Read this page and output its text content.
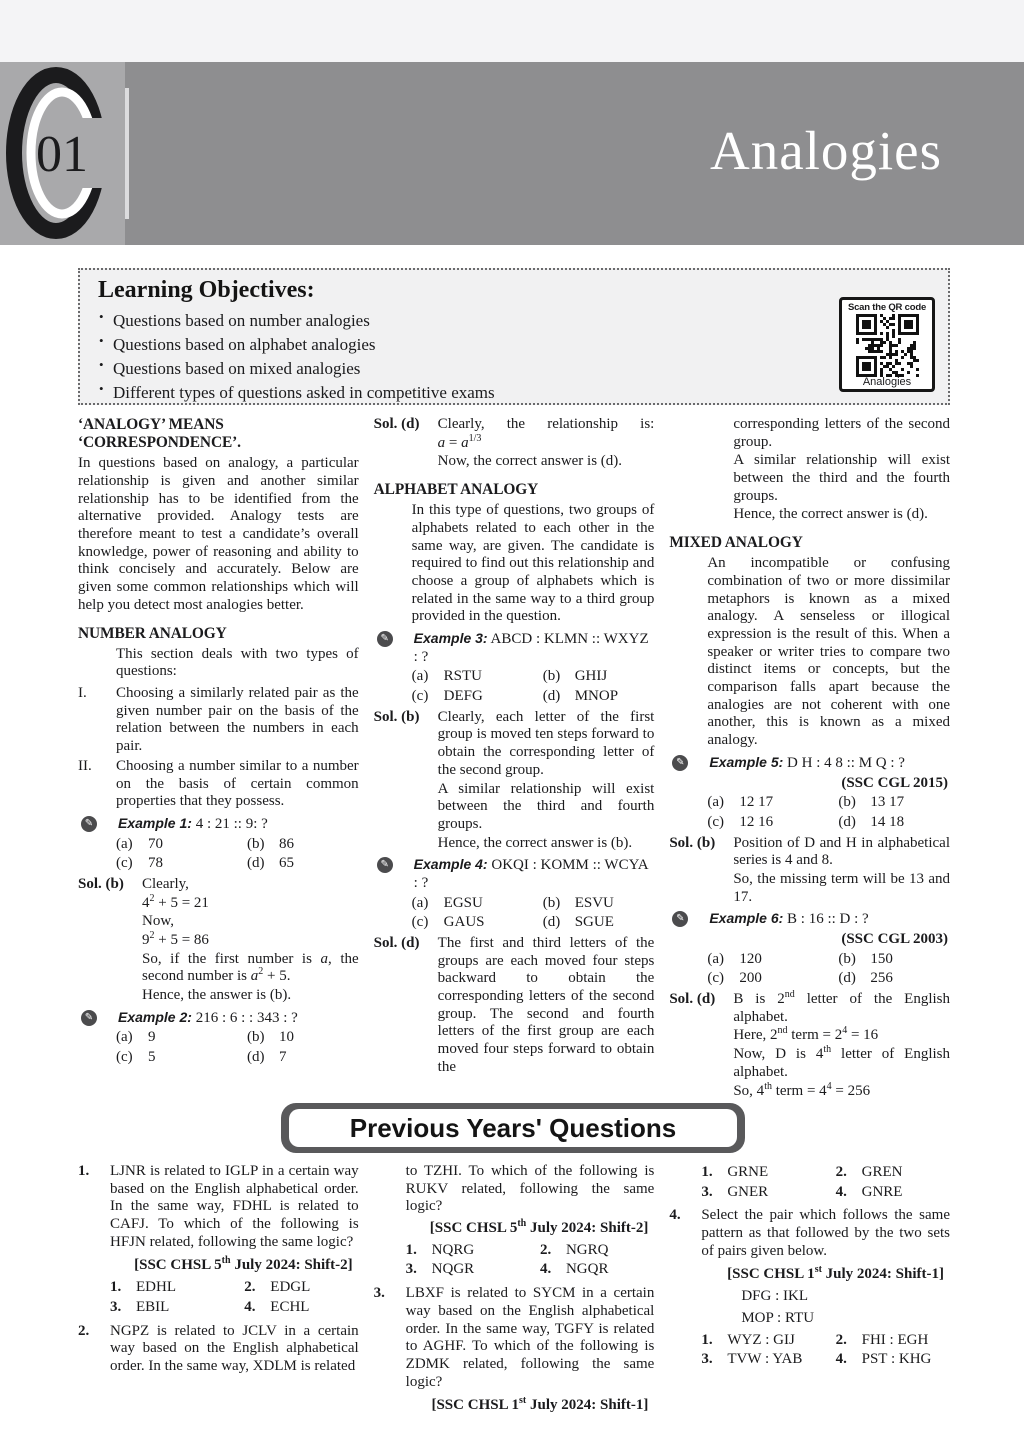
01	Analogies
Learning Objectives:
• Questions based on number analogies
• Questions based on alphabet analogies
• Questions based on mixed analogies
• Different types of questions asked in competitive exams
Scan the QR code
Analogies
‘ANALOGY’ MEANS ‘CORRESPONDENCE’.
In questions based on analogy, a particular relationship is given and another similar relationship has to be identified from the alternative provided. Analogy tests are therefore meant to test a candidate’s overall knowledge, power of reasoning and ability to think concisely and accurately. Below are given some common relationships which will help you detect most analogies better.
NUMBER ANALOGY
This section deals with two types of questions:
I. Choosing a similarly related pair as the given number pair on the basis of the relation between the numbers in each pair.
II. Choosing a number similar to a number on the basis of certain common properties that they possess.
✎ Example 1: 4 : 21 :: 9: ?
(a) 70	(b) 86
(c) 78	(d) 65
Sol. (b) Clearly,
$4^2 + 5 = 21$
Now,
$9^2 + 5 = 86$
So, if the first number is a, the second number is $a^2 + 5$.
Hence, the answer is (b).
✎ Example 2: 216 : 6 : : 343 : ?
(a) 9	(b) 10
(c) 5	(d) 7
Sol. (d) Clearly, the relationship is:
$a = a^{1/3}$
Now, the correct answer is (d).
ALPHABET ANALOGY
In this type of questions, two groups of alphabets related to each other in the same way, are given. The candidate is required to find out this relationship and choose a group of alphabets which is related in the same way to a third group provided in the question.
✎ Example 3: ABCD : KLMN :: WXYZ : ?
(a) RSTU	(b) GHIJ
(c) DEFG	(d) MNOP
Sol. (b) Clearly, each letter of the first group is moved ten steps forward to obtain the corresponding letter of the second group.
A similar relationship will exist between the third and fourth groups.
Hence, the correct answer is (b).
✎ Example 4: OKQI : KOMM :: WCYA : ?
(a) EGSU	(b) ESVU
(c) GAUS	(d) SGUE
Sol. (d) The first and third letters of the groups are each moved four steps backward to obtain the corresponding letters of the second group. The second and fourth letters of the first group are each moved four steps forward to obtain the
corresponding letters of the second group.
A similar relationship will exist between the third and the fourth groups.
Hence, the correct answer is (d).
MIXED ANALOGY
An incompatible or confusing combination of two or more dissimilar metaphors is known as a mixed analogy. A senseless or illogical expression is the result of this. When a speaker or writer tries to compare two distinct items or concepts, but the comparison falls apart because the analogies are not coherent with one another, this is known as a mixed analogy.
✎ Example 5: D H : 4 8 :: M Q : ?
(SSC CGL 2015)
(a) 12 17	(b) 13 17
(c) 12 16	(d) 14 18
Sol. (b) Position of D and H in alphabetical series is 4 and 8.
So, the missing term will be 13 and 17.
✎ Example 6: B : 16 :: D : ?
(SSC CGL 2003)
(a) 120	(b) 150
(c) 200	(d) 256
Sol. (d) B is 2nd letter of the English alphabet.
Here, 2nd term = $2^4 = 16$
Now, D is 4th letter of English alphabet.
So, 4th term = $4^4 = 256$
Previous Years' Questions
1. LJNR is related to IGLP in a certain way based on the English alphabetical order. In the same way, FDHL is related to CAFJ. To which of the following is HFJN related, following the same logic?
[SSC CHSL 5th July 2024: Shift-2]
1. EDHL	2. EDGL
3. EBIL	4. ECHL
2. NGPZ is related to JCLV in a certain way based on the English alphabetical order. In the same way, XDLM is related
to TZHI. To which of the following is RUKV related, following the same logic?
[SSC CHSL 5th July 2024: Shift-2]
1. NQRG	2. NGRQ
3. NQGR	4. NGQR
3. LBXF is related to SYCM in a certain way based on the English alphabetical order. In the same way, TGFY is related to AGHF. To which of the following is ZDMK related, following the same logic?
[SSC CHSL 1st July 2024: Shift-1]
1. GRNE	2. GREN
3. GNER	4. GNRE
4. Select the pair which follows the same pattern as that followed by the two sets of pairs given below.
[SSC CHSL 1st July 2024: Shift-1]
DFG : IKL
MOP : RTU
1. WYZ : GIJ	2. FHI : EGH
3. TVW : YAB	4. PST : KHG
